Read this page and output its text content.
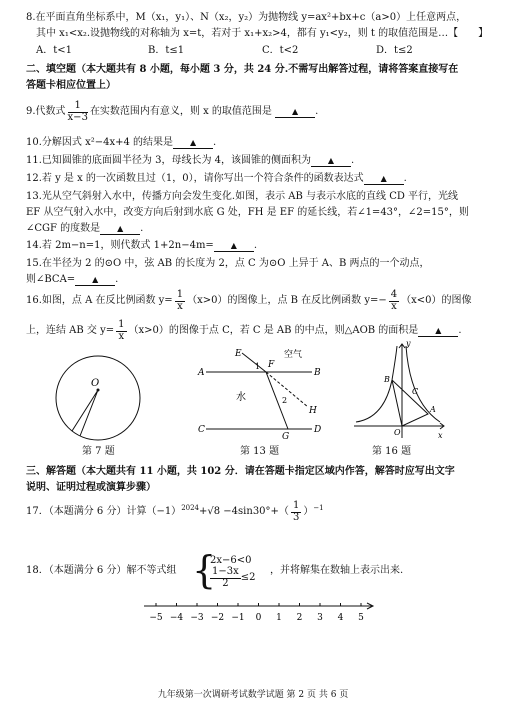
8.在平面直角坐标系中，M（x₁，y₁）、N（x₂，y₂）为抛物线 y=ax²+bx+c（a>0）上任意两点，
其中 x₁<x₂.设抛物线的对称轴为 x=t，若对于 x₁+x₂>4，都有 y₁<y₂，则 t 的取值范围是…【　　】
A．t<1	B．t≤1	C．t<2	D．t≤2
二、填空题（本大题共有 8 小题，每小题 3 分，共 24 分.不需写出解答过程，请将答案直接写在
答题卡相应位置上）
9.代数式 $\frac{1}{x-3}$ 在实数范围内有意义，则 x 的取值范围是	▲ .
10.分解因式 x²−4x+4 的结果是 ▲ .
11.已知圆锥的底面圆半径为 3，母线长为 4，该圆锥的侧面积为 ▲ .
12.若 y 是 x 的一次函数且过（1，0），请你写出一个符合条件的函数表达式 ▲ .
13.光从空气斜射入水中，传播方向会发生变化.如图，表示 AB 与表示水底的直线 CD 平行，光线
EF 从空气射入水中，改变方向后射到水底 G 处，FH 是 EF 的延长线，若∠1=43°，∠2=15°，则
∠CGF 的度数是 ▲ .
14.若 2m−n=1，则代数式 1+2n−4m= ▲ .
15.在半径为 2 的⊙O 中，弦 AB 的长度为 2，点 C 为⊙O 上异于 A、B 两点的一个动点，
则∠BCA= ▲ .
16.如图，点 A 在反比例函数 $y= \frac{1}{x} (x>0)$的图像上，点 B 在反比例函数 $y=- \frac{4}{x} (x<0)$的图像
上，连结 AB 交 $y= \frac{1}{x} (x>0)$的图像于点 C，若 C 是 AB 的中点，则△AOB 的面积是 ▲ .
O
第 7 题
E
A
F
B
空气
1
水	2
H
C
G
D
第 13 题
y
B
C
A
O	x
第 16 题
三、解答题（本大题共有 11 小题，共 102 分．请在答题卡指定区域内作答，解答时应写出文字
说明、证明过程或演算步骤）
17．（本题满分 6 分）计算$(-1)^{2024}+√8 -4\sin 30^\circ+( \frac{1}{3} )^{-1}$
18．（本题满分 6 分）解不等式组 {
2x−6<0
$\frac{1-3x}{2} \le 2$
，并将解集在数轴上表示出来.
−5 −4 −3 −2 −1 0 1 2 3 4 5
九年级第一次调研考试数学试题 第 2 页 共 6 页
